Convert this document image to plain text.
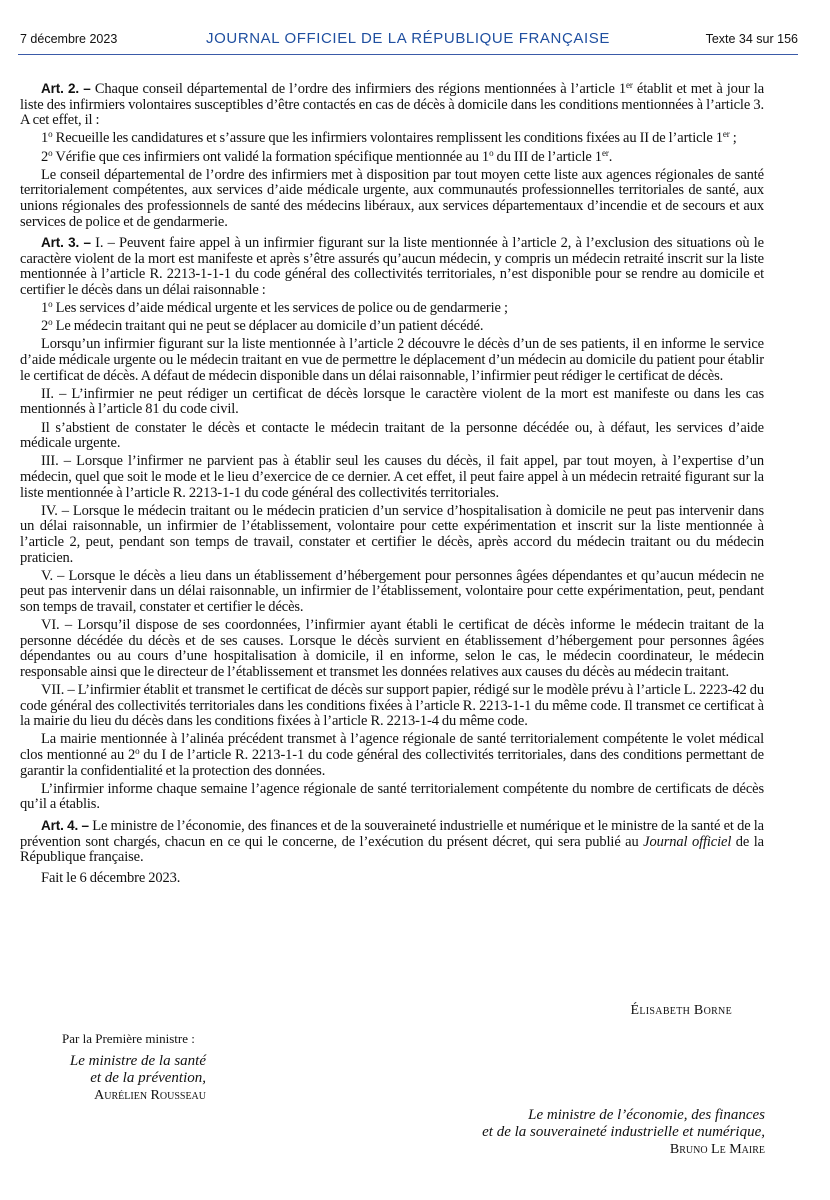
7 décembre 2023	JOURNAL OFFICIEL DE LA RÉPUBLIQUE FRANÇAISE	Texte 34 sur 156

Art. 2. – Chaque conseil départemental de l’ordre des infirmiers des régions mentionnées à l’article 1er établit et met à jour la liste des infirmiers volontaires susceptibles d’être contactés en cas de décès à domicile dans les conditions mentionnées à l’article 3. A cet effet, il :

1$^o$ Recueille les candidatures et s’assure que les infirmiers volontaires remplissent les conditions fixées au II de l’article 1er ;

2$^o$ Vérifie que ces infirmiers ont validé la formation spécifique mentionnée au 1$^o$ du III de l’article 1er.

Le conseil départemental de l’ordre des infirmiers met à disposition par tout moyen cette liste aux agences régionales de santé territorialement compétentes, aux services d’aide médicale urgente, aux communautés professionnelles territoriales de santé, aux unions régionales des professionnels de santé des médecins libéraux, aux services départementaux d’incendie et de secours et aux services de police et de gendarmerie.

Art. 3. – I. – Peuvent faire appel à un infirmier figurant sur la liste mentionnée à l’article 2, à l’exclusion des situations où le caractère violent de la mort est manifeste et après s’être assurés qu’aucun médecin, y compris un médecin retraité inscrit sur la liste mentionnée à l’article R. 2213-1-1-1 du code général des collectivités territoriales, n’est disponible pour se rendre au domicile et certifier le décès dans un délai raisonnable :

1$^o$ Les services d’aide médical urgente et les services de police ou de gendarmerie ;

2$^o$ Le médecin traitant qui ne peut se déplacer au domicile d’un patient décédé.

Lorsqu’un infirmier figurant sur la liste mentionnée à l’article 2 découvre le décès d’un de ses patients, il en informe le service d’aide médicale urgente ou le médecin traitant en vue de permettre le déplacement d’un médecin au domicile du patient pour établir le certificat de décès. A défaut de médecin disponible dans un délai raisonnable, l’infirmier peut rédiger le certificat de décès.

II. – L’infirmier ne peut rédiger un certificat de décès lorsque le caractère violent de la mort est manifeste ou dans les cas mentionnés à l’article 81 du code civil.

Il s’abstient de constater le décès et contacte le médecin traitant de la personne décédée ou, à défaut, les services d’aide médicale urgente.

III. – Lorsque l’infirmer ne parvient pas à établir seul les causes du décès, il fait appel, par tout moyen, à l’expertise d’un médecin, quel que soit le mode et le lieu d’exercice de ce dernier. A cet effet, il peut faire appel à un médecin retraité figurant sur la liste mentionnée à l’article R. 2213-1-1 du code général des collectivités territoriales.

IV. – Lorsque le médecin traitant ou le médecin praticien d’un service d’hospitalisation à domicile ne peut pas intervenir dans un délai raisonnable, un infirmier de l’établissement, volontaire pour cette expérimentation et inscrit sur la liste mentionnée à l’article 2, peut, pendant son temps de travail, constater et certifier le décès, après accord du médecin traitant ou du médecin praticien.

V. – Lorsque le décès a lieu dans un établissement d’hébergement pour personnes âgées dépendantes et qu’aucun médecin ne peut pas intervenir dans un délai raisonnable, un infirmier de l’établissement, volontaire pour cette expérimentation, peut, pendant son temps de travail, constater et certifier le décès.

VI. – Lorsqu’il dispose de ses coordonnées, l’infirmier ayant établi le certificat de décès informe le médecin traitant de la personne décédée du décès et de ses causes. Lorsque le décès survient en établissement d’hébergement pour personnes âgées dépendantes ou au cours d’une hospitalisation à domicile, il en informe, selon le cas, le médecin coordinateur, le médecin responsable ainsi que le directeur de l’établissement et transmet les données relatives aux causes du décès au médecin traitant.

VII. – L’infirmier établit et transmet le certificat de décès sur support papier, rédigé sur le modèle prévu à l’article L. 2223-42 du code général des collectivités territoriales dans les conditions fixées à l’article R. 2213-1-1 du même code. Il transmet ce certificat à la mairie du lieu du décès dans les conditions fixées à l’article R. 2213-1-4 du même code.

La mairie mentionnée à l’alinéa précédent transmet à l’agence régionale de santé territorialement compétente le volet médical clos mentionné au 2$^o$ du I de l’article R. 2213-1-1 du code général des collectivités territoriales, dans des conditions permettant de garantir la confidentialité et la protection des données.

L’infirmier informe chaque semaine l’agence régionale de santé territorialement compétente du nombre de certificats de décès qu’il a établis.

Art. 4. – Le ministre de l’économie, des finances et de la souveraineté industrielle et numérique et le ministre de la santé et de la prévention sont chargés, chacun en ce qui le concerne, de l’exécution du présent décret, qui sera publié au Journal officiel de la République française.

Fait le 6 décembre 2023.

Élisabeth Borne
Par la Première ministre :
Le ministre de la santé
et de la prévention,
Aurélien Rousseau
Le ministre de l’économie, des finances
et de la souveraineté industrielle et numérique,
Bruno Le Maire
